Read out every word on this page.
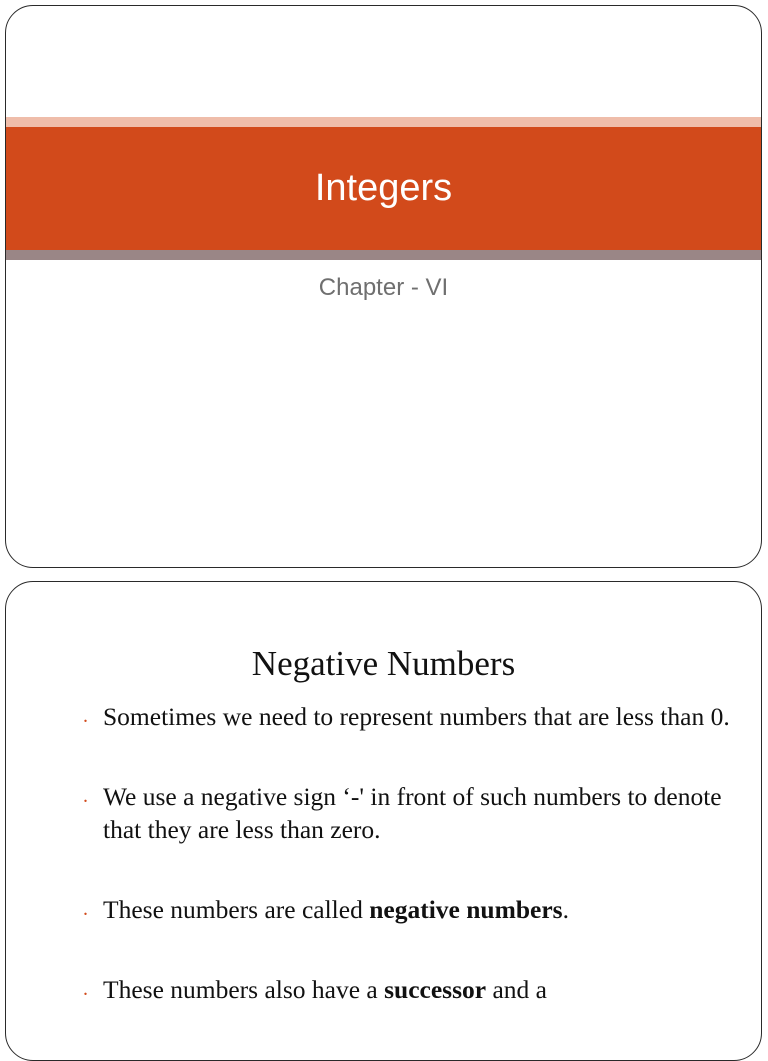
Integers

Chapter - VI

Negative Numbers
. Sometimes we need to represent numbers that are less than 0.
. We use a negative sign ‘-' in front of such numbers to denote that they are less than zero.
. These numbers are called negative numbers.
. These numbers also have a successor and a
